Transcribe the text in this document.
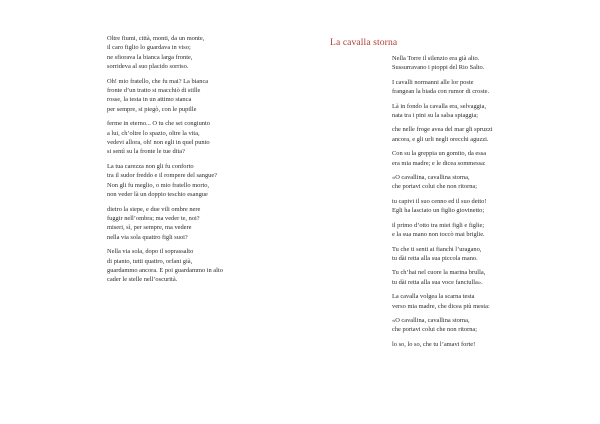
Oltre fiumi, città, monti, da un monte,
il caro figlio lo guardava in viso;
ne sfiorava la bianca larga fronte,
sorrideva al suo placido sorriso.
Oh! mio fratello, che fu mai? La bianca
fronte d’un tratto si macchiò di stille
rosse, la testa in un attimo stanca
per sempre, si piegò, con le pupille
ferme in eterno... O tu che sei congiunto
a lui, ch’oltre lo spazio, oltre la vita,
vedevi allora, oh! non egli in quel punto
si sentì su la fronte le tue dita?
La tua carezza non gli fu conforto
tra il sudor freddo e il rompere del sangue?
Non gli fu meglio, o mio fratello morto,
non veder là un doppio teschio esangue
dietro la siepe, e due vili ombre nere
fuggir nell’ombra; ma veder te, noi?
miseri, sì, per sempre, ma vedere
nella via sola quattro figli suoi?
Nella via sola, dopo il soprassalto
di pianto, tutti quattro, orfani già,
guardammo ancora. E poi guardammo in alto
cader le stelle nell’oscurità.
La cavalla storna
Nella Torre il silenzio era già alto.
Sussurravano i pioppi del Rio Salto.
I cavalli normanni alle lor poste
frangean la biada con rumor di croste.
Là in fondo la cavalla era, selvaggia,
nata tra i pini su la salsa spiaggia;
che nelle froge avea del mar gli spruzzi
ancora, e gli urli negli orecchi aguzzi.
Con su la greppia un gomito, da essa
era mia madre; e le dicea sommessa:
«O cavallina, cavallina storna,
che portavi colui che non ritorna;
tu capivi il suo cenno ed il suo detto!
Egli ha lasciato un figlio giovinetto;
il primo d’otto tra miei figli e figlie;
e la sua mano non toccò mai briglie.
Tu che ti senti ai fianchi l’uragano,
tu dài retta alla sua piccola mano.
Tu ch’hai nel cuore la marina brulla,
tu dài retta alla sua voce fanciulla».
La cavalla volgea la scarna testa
verso mia madre, che dicea più mesta:
«O cavallina, cavallina storna,
che portavi colui che non ritorna;
lo so, lo so, che tu l’amavi forte!
